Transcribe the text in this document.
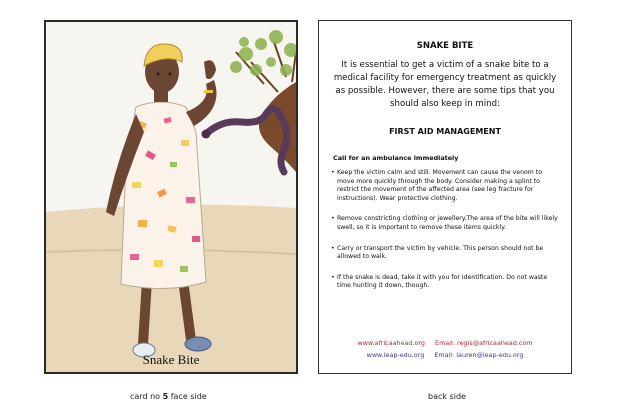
Snake Bite
card no 5 face side
SNAKE BITE
It is essential to get a victim of a snake bite to a medical facility for emergency treatment as quickly as possible. However, there are some tips that you should also keep in mind:
FIRST AID MANAGEMENT
Call for an ambulance immediately
• Keep the victim calm and still. Movement can cause the venom to move more quickly through the body. Consider making a splint to restrict the movement of the affected area (see leg fracture for instructions). Wear protective clothing.
• Remove constricting clothing or jewellery.The area of the bite will likely swell, so it is important to remove these items quickly.
• Carry or transport the victim by vehicle. This person should not be allowed to walk.
• If the snake is dead, take it with you for identification. Do not waste time hunting it down, though.
www.africaahead.org Email: regis@africaahead.com
www.leap-edu.org Email: lauren@leap-edu.org
back side
